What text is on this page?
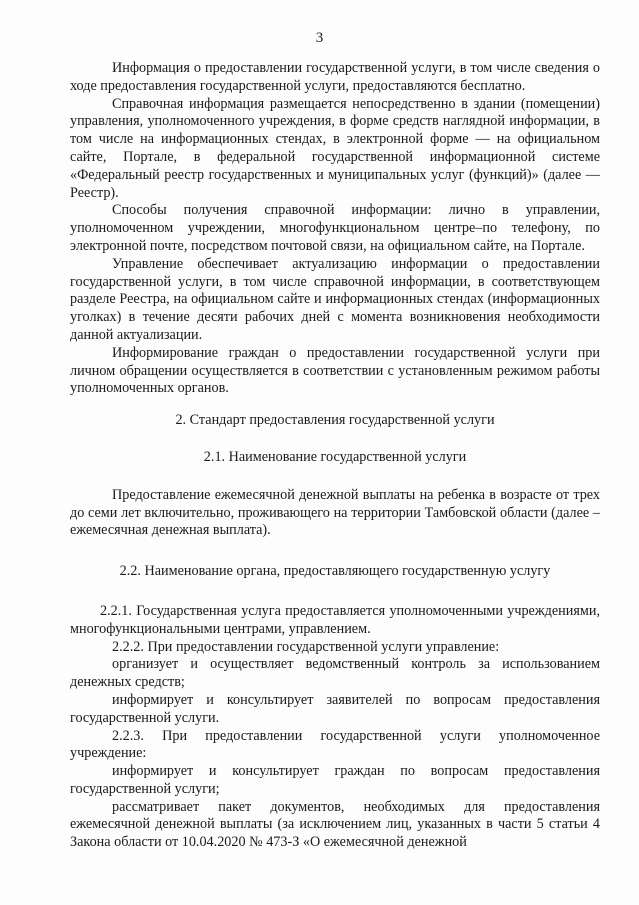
3

Информация о предоставлении государственной услуги, в том числе сведения о ходе предоставления государственной услуги, предоставляются бесплатно.

Справочная информация размещается непосредственно в здании (помещении) управления, уполномоченного учреждения, в форме средств наглядной информации, в том числе на информационных стендах, в электронной форме — на официальном сайте, Портале, в федеральной государственной информационной системе «Федеральный реестр государственных и муниципальных услуг (функций)» (далее — Реестр).

Способы получения справочной информации: лично в управлении, уполномоченном учреждении, многофункциональном центре–по телефону, по электронной почте, посредством почтовой связи, на официальном сайте, на Портале.

Управление обеспечивает актуализацию информации о предоставлении государственной услуги, в том числе справочной информации, в соответствующем разделе Реестра, на официальном сайте и информационных стендах (информационных уголках) в течение десяти рабочих дней с момента возникновения необходимости данной актуализации.

Информирование граждан о предоставлении государственной услуги при личном обращении осуществляется в соответствии с установленным режимом работы уполномоченных органов.

2. Стандарт предоставления государственной услуги

2.1. Наименование государственной услуги

Предоставление ежемесячной денежной выплаты на ребенка в возрасте от трех до семи лет включительно, проживающего на территории Тамбовской области (далее – ежемесячная денежная выплата).

2.2. Наименование органа, предоставляющего государственную услугу

2.2.1. Государственная услуга предоставляется уполномоченными учреждениями, многофункциональными центрами, управлением.

2.2.2. При предоставлении государственной услуги управление:

организует и осуществляет ведомственный контроль за использованием денежных средств;

информирует и консультирует заявителей по вопросам предоставления государственной услуги.

2.2.3. При предоставлении государственной услуги уполномоченное учреждение:

информирует и консультирует граждан по вопросам предоставления государственной услуги;

рассматривает пакет документов, необходимых для предоставления ежемесячной денежной выплаты (за исключением лиц, указанных в части 5 статьи 4 Закона области от 10.04.2020 № 473-З «О ежемесячной денежной
